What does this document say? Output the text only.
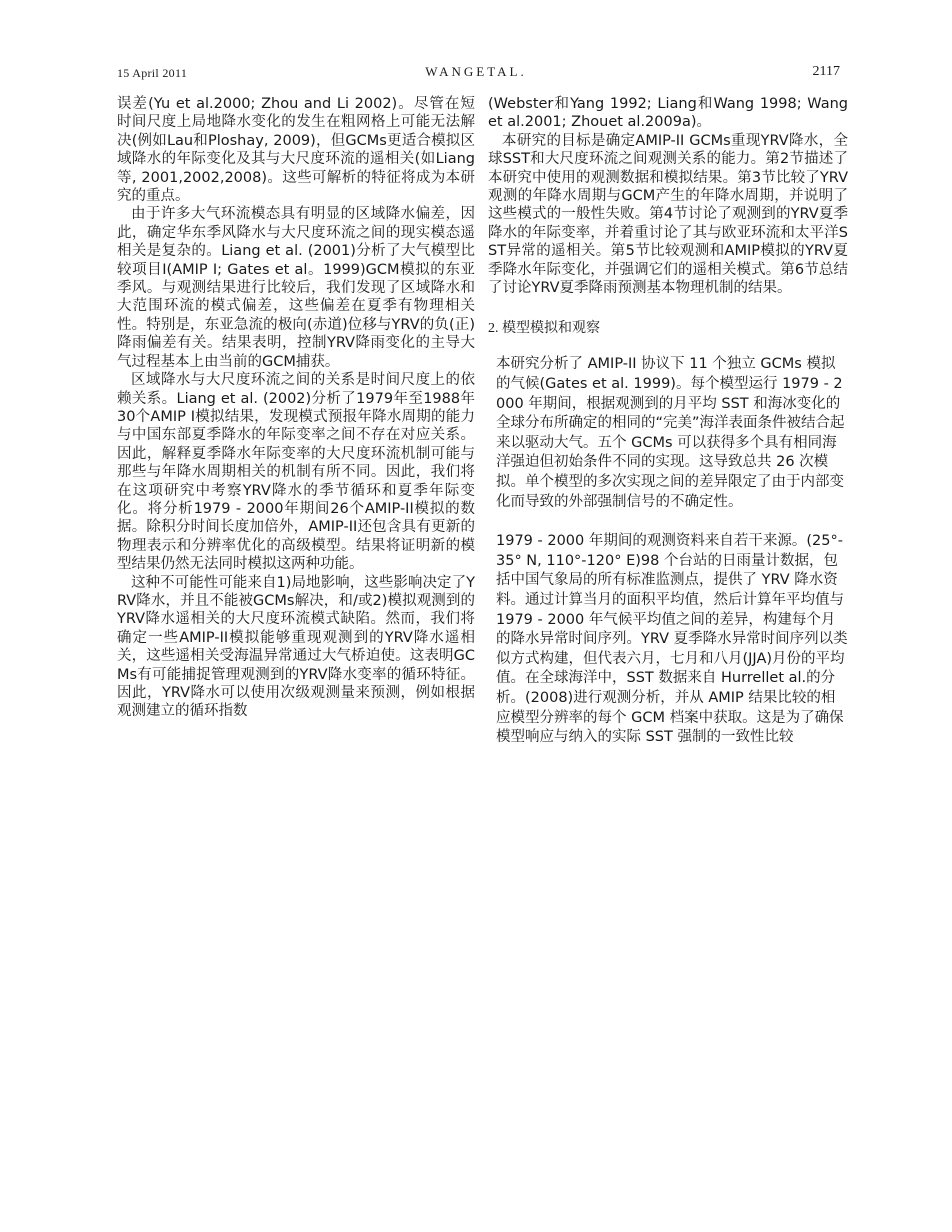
15 April 2011	WANGETAL.	2117

误差(Yu et al.2000; Zhou and Li 2002)。尽管在短时间尺度上局地降水变化的发生在粗网格上可能无法解决(例如Lau和Ploshay, 2009)，但GCMs更适合模拟区域降水的年际变化及其与大尺度环流的遥相关(如Liang等, 2001,2002,2008)。这些可解析的特征将成为本研究的重点。

由于许多大气环流模态具有明显的区域降水偏差，因此，确定华东季风降水与大尺度环流之间的现实模态遥相关是复杂的。Liang et al. (2001)分析了大气模型比较项目I(AMIP I; Gates et al。1999)GCM模拟的东亚季风。与观测结果进行比较后，我们发现了区域降水和大范围环流的模式偏差，这些偏差在夏季有物理相关性。特别是，东亚急流的极向(赤道)位移与YRV的负(正)降雨偏差有关。结果表明，控制YRV降雨变化的主导大气过程基本上由当前的GCM捕获。

区域降水与大尺度环流之间的关系是时间尺度上的依赖关系。Liang et al. (2002)分析了1979年至1988年30个AMIP I模拟结果，发现模式预报年降水周期的能力与中国东部夏季降水的年际变率之间不存在对应关系。因此，解释夏季降水年际变率的大尺度环流机制可能与那些与年降水周期相关的机制有所不同。因此，我们将在这项研究中考察YRV降水的季节循环和夏季年际变化。将分析1979 - 2000年期间26个AMIP-II模拟的数据。除积分时间长度加倍外，AMIP-II还包含具有更新的物理表示和分辨率优化的高级模型。结果将证明新的模型结果仍然无法同时模拟这两种功能。

这种不可能性可能来自1)局地影响，这些影响决定了YRV降水，并且不能被GCMs解决，和/或2)模拟观测到的YRV降水遥相关的大尺度环流模式缺陷。然而，我们将确定一些AMIP-II模拟能够重现观测到的YRV降水遥相关，这些遥相关受海温异常通过大气桥迫使。这表明GCMs有可能捕捉管理观测到的YRV降水变率的循环特征。因此，YRV降水可以使用次级观测量来预测，例如根据观测建立的循环指数

(Webster和Yang 1992; Liang和Wang 1998; Wanget al.2001; Zhouet al.2009a)。

本研究的目标是确定AMIP-II GCMs重现YRV降水，全球SST和大尺度环流之间观测关系的能力。第2节描述了本研究中使用的观测数据和模拟结果。第3节比较了YRV观测的年降水周期与GCM产生的年降水周期，并说明了这些模式的一般性失败。第4节讨论了观测到的YRV夏季降水的年际变率，并着重讨论了其与欧亚环流和太平洋SST异常的遥相关。第5节比较观测和AMIP模拟的YRV夏季降水年际变化，并强调它们的遥相关模式。第6节总结了讨论YRV夏季降雨预测基本物理机制的结果。

2. 模型模拟和观察

本研究分析了 AMIP-II 协议下 11 个独立 GCMs 模拟的气候(Gates et al. 1999)。每个模型运行 1979 - 2000 年期间，根据观测到的月平均 SST 和海冰变化的全球分布所确定的相同的“完美”海洋表面条件被结合起来以驱动大气。五个 GCMs 可以获得多个具有相同海洋强迫但初始条件不同的实现。这导致总共 26 次模拟。单个模型的多次实现之间的差异限定了由于内部变化而导致的外部强制信号的不确定性。

1979 - 2000 年期间的观测资料来自若干来源。(25°-35° N, 110°-120° E)98 个台站的日雨量计数据，包括中国气象局的所有标准监测点，提供了 YRV 降水资料。通过计算当月的面积平均值，然后计算年平均值与 1979 - 2000 年气候平均值之间的差异，构建每个月的降水异常时间序列。YRV 夏季降水异常时间序列以类似方式构建，但代表六月，七月和八月(JJA)月份的平均值。在全球海洋中，SST 数据来自 Hurrellet al.的分析。(2008)进行观测分析，并从 AMIP 结果比较的相应模型分辨率的每个 GCM 档案中获取。这是为了确保模型响应与纳入的实际 SST 强制的一致性比较
